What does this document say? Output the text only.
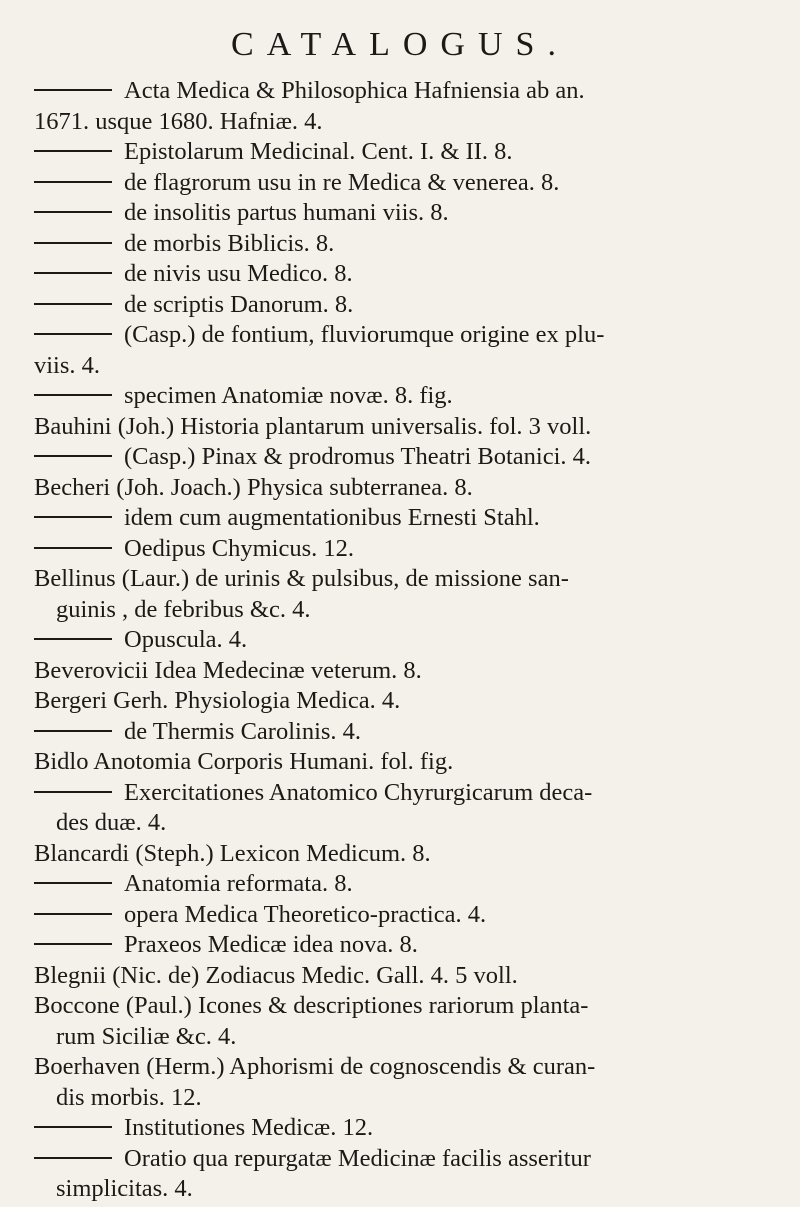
CATALOGUS.
Acta Medica & Philosophica Hafniensia ab an.
1671. usque 1680. Hafniæ. 4.
Epistolarum Medicinal. Cent. I. & II. 8.
de flagrorum usu in re Medica & venerea. 8.
de insolitis partus humani viis. 8.
de morbis Biblicis. 8.
de nivis usu Medico. 8.
de scriptis Danorum. 8.
(Casp.) de fontium, fluviorumque origine ex plu-
viis. 4.
specimen Anatomiæ novæ. 8. fig.
Bauhini (Joh.) Historia plantarum universalis. fol. 3 voll.
(Casp.) Pinax & prodromus Theatri Botanici. 4.
Becheri (Joh. Joach.) Physica subterranea. 8.
idem cum augmentationibus Ernesti Stahl.
Oedipus Chymicus. 12.
Bellinus (Laur.) de urinis & pulsibus, de missione san-
guinis , de febribus &c. 4.
Opusculа. 4.
Beverovicii Idea Medecinæ veterum. 8.
Bergeri Gerh. Physiologia Medica. 4.
de Thermis Carolinis. 4.
Bidlo Anotomia Corporis Humani. fol. fig.
Exercitationes Anatomico Chyrurgicarum deca-
des duæ. 4.
Blancardi (Steph.) Lexicon Medicum. 8.
Anatomia reformata. 8.
opera Medica Theoretico-practica. 4.
Praxeos Medicæ idea nova. 8.
Blegnii (Nic. de) Zodiacus Medic. Gall. 4. 5 voll.
Boccone (Paul.) Icones & descriptiones rariorum planta-
rum Siciliæ &c. 4.
Boerhaven (Herm.) Aphorismi de cognoscendis & curan-
dis morbis. 12.
Institutiones Medicæ. 12.
Oratio qua repurgatæ Medicinæ facilis asseritur
simplicitas. 4.
